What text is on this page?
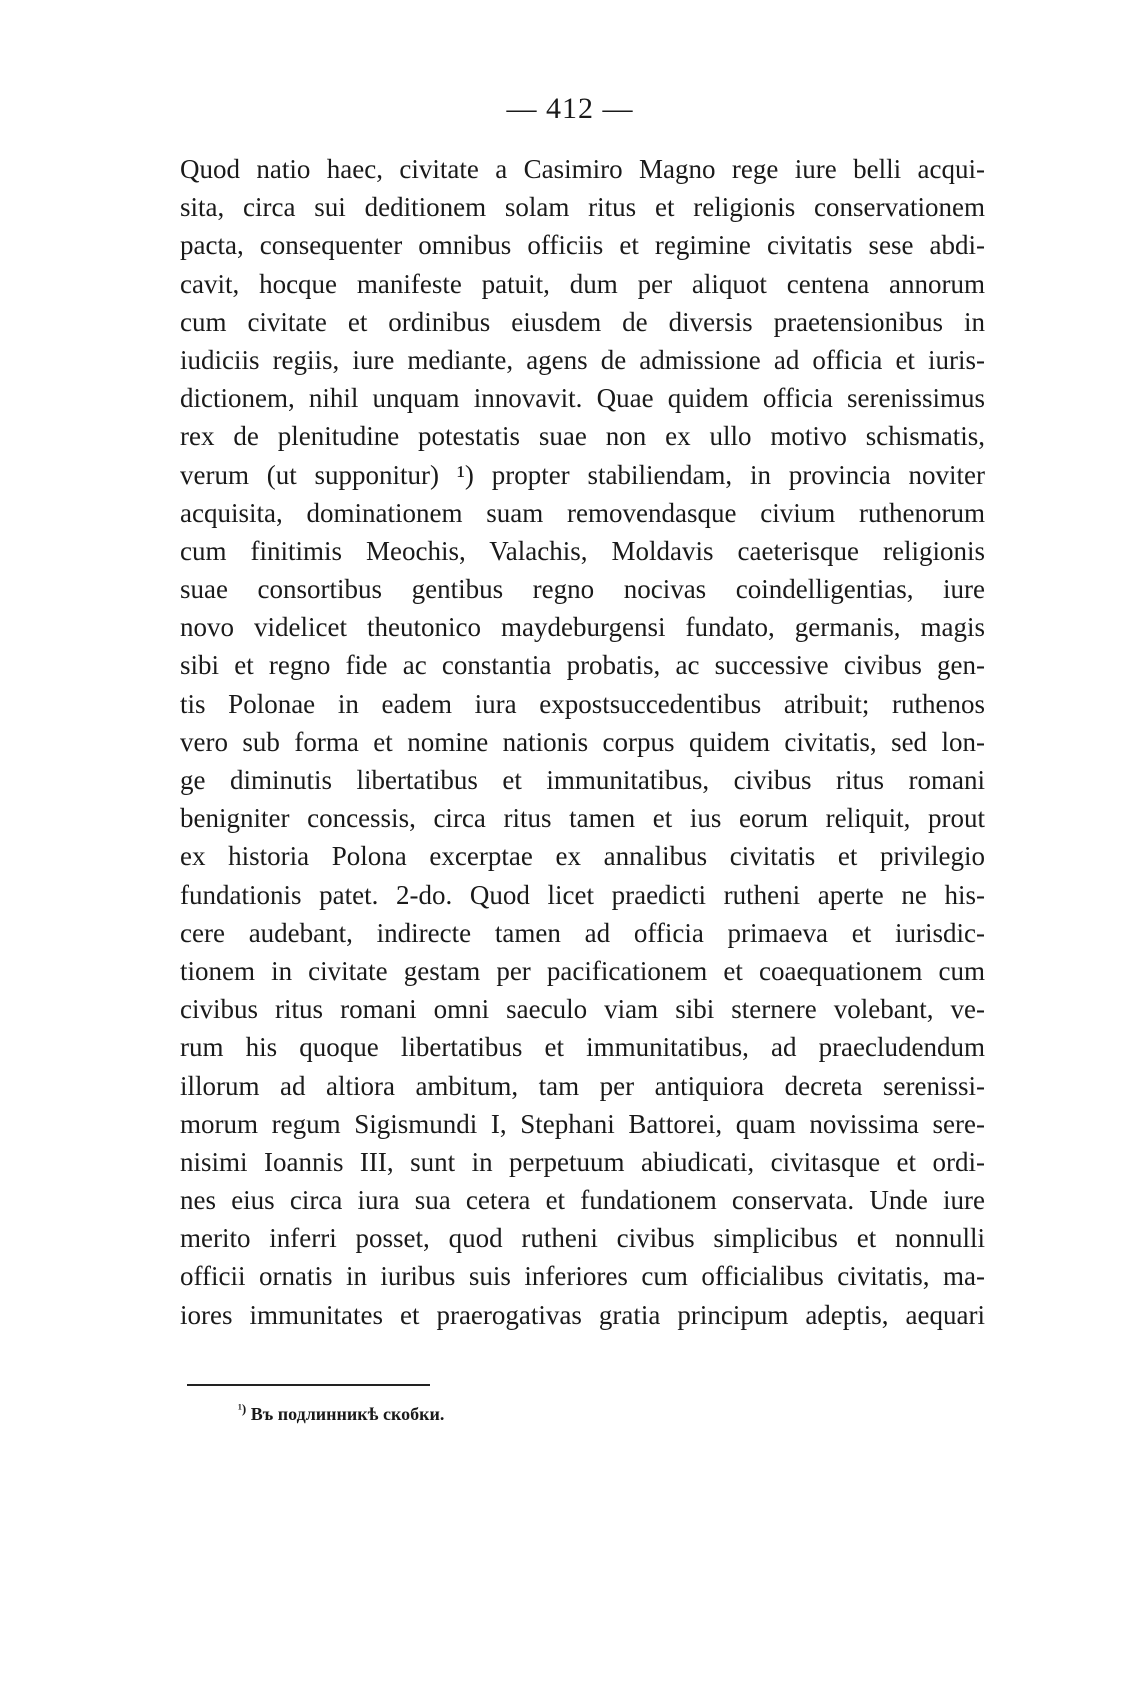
— 412 —
Quod natio haec, civitate a Casimiro Magno rege iure belli acqui-
sita, circa sui deditionem solam ritus et religionis conservationem
pacta, consequenter omnibus officiis et regimine civitatis sese abdi-
cavit, hocque manifeste patuit, dum per aliquot centena annorum
cum civitate et ordinibus eiusdem de diversis praetensionibus in
iudiciis regiis, iure mediante, agens de admissione ad officia et iuris-
dictionem, nihil unquam innovavit. Quae quidem officia serenissimus
rex de plenitudine potestatis suae non ex ullo motivo schismatis,
verum (ut supponitur) ¹) propter stabiliendam, in provincia noviter
acquisita, dominationem suam removendasque civium ruthenorum
cum finitimis Meochis, Valachis, Moldavis caeterisque religionis
suae consortibus gentibus regno nocivas coindelligentias, iure
novo videlicet theutonico maydeburgensi fundato, germanis, magis
sibi et regno fide ac constantia probatis, ac successive civibus gen-
tis Polonae in eadem iura expostsuccedentibus atribuit; ruthenos
vero sub forma et nomine nationis corpus quidem civitatis, sed lon-
ge diminutis libertatibus et immunitatibus, civibus ritus romani
benigniter concessis, circa ritus tamen et ius eorum reliquit, prout
ex historia Polona excerptae ex annalibus civitatis et privilegio
fundationis patet. 2-do. Quod licet praedicti rutheni aperte ne his-
cere audebant, indirecte tamen ad officia primaeva et iurisdic-
tionem in civitate gestam per pacificationem et coaequationem cum
civibus ritus romani omni saeculo viam sibi sternere volebant, ve-
rum his quoque libertatibus et immunitatibus, ad praecludendum
illorum ad altiora ambitum, tam per antiquiora decreta serenissi-
morum regum Sigismundi I, Stephani Battorei, quam novissima sere-
nisimi Ioannis III, sunt in perpetuum abiudicati, civitasque et ordi-
nes eius circa iura sua cetera et fundationem conservata. Unde iure
merito inferri posset, quod rutheni civibus simplicibus et nonnulli
officii ornatis in iuribus suis inferiores cum officialibus civitatis, ma-
iores immunitates et praerogativas gratia principum adeptis, aequari
$^{^1)}$ Въ подлинникѣ скобки.
